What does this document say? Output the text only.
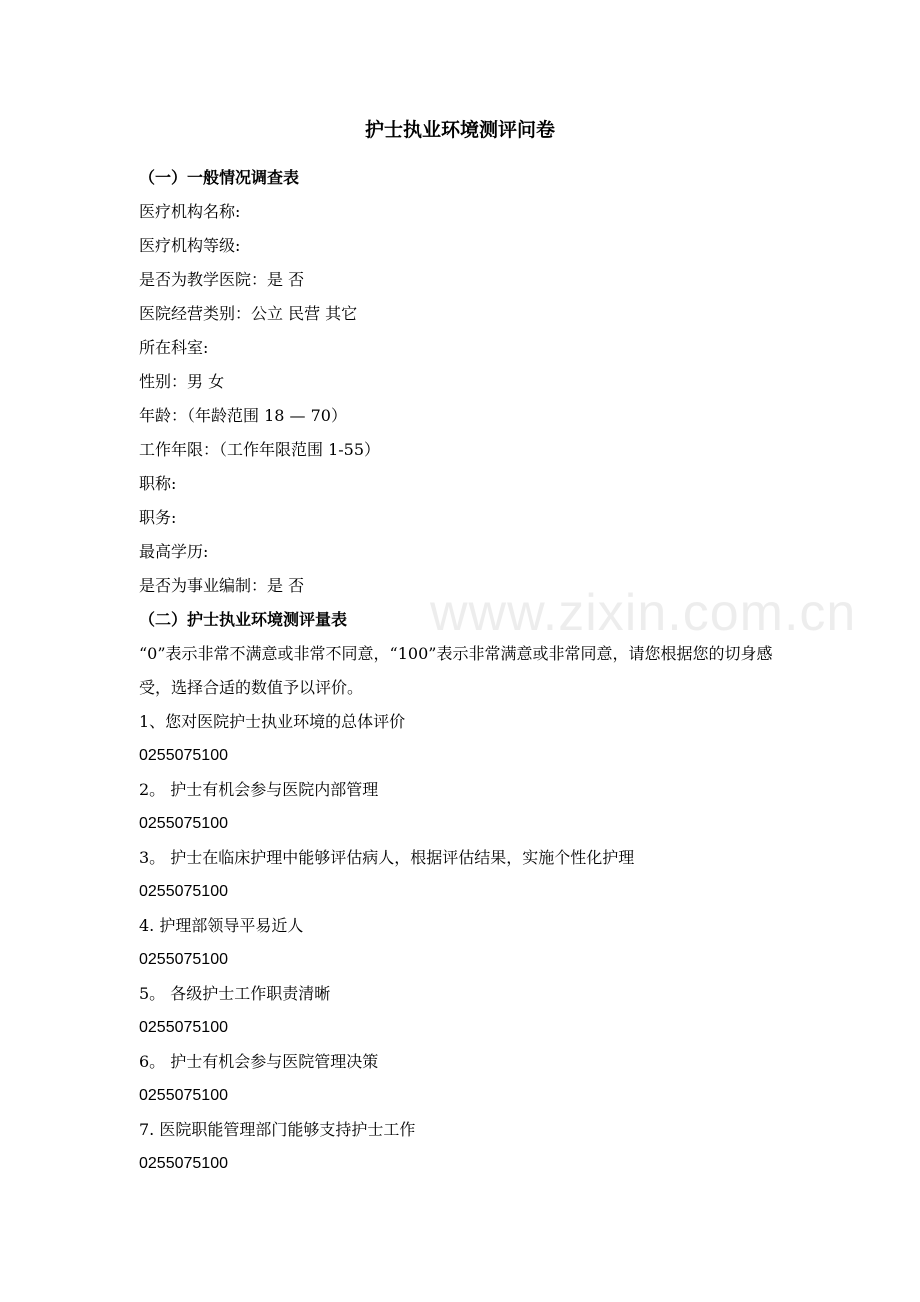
护士执业环境测评问卷
（一）一般情况调查表
医疗机构名称:
医疗机构等级:
是否为教学医院：是 否
医院经营类别：公立 民营 其它
所在科室:
性别：男 女
年龄：（年龄范围 18 — 70）
工作年限：（工作年限范围 1-55）
职称:
职务:
最高学历:
是否为事业编制：是 否
（二）护士执业环境测评量表
“0”表示非常不满意或非常不同意，“100”表示非常满意或非常同意，请您根据您的切身感受，选择合适的数值予以评价。
1、您对医院护士执业环境的总体评价
0255075100
2。 护士有机会参与医院内部管理
0255075100
3。 护士在临床护理中能够评估病人，根据评估结果，实施个性化护理
0255075100
4. 护理部领导平易近人
0255075100
5。 各级护士工作职责清晰
0255075100
6。 护士有机会参与医院管理决策
0255075100
7. 医院职能管理部门能够支持护士工作
0255075100
www.zixin.com.cn
